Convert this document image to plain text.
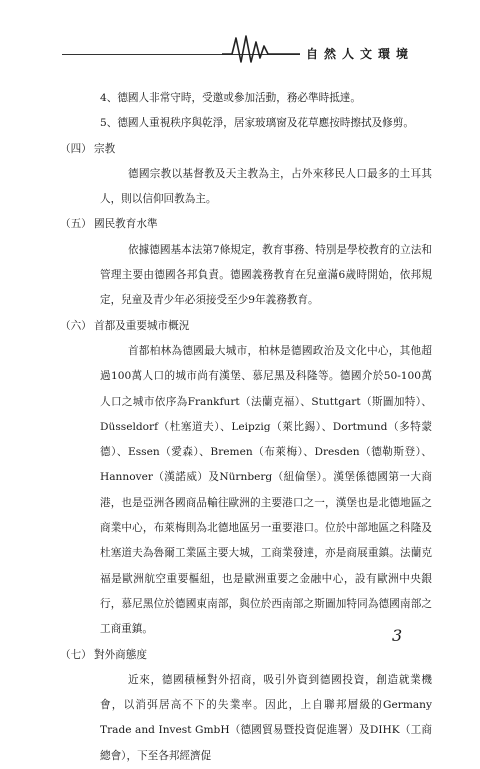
自然人文環境

4、德國人非常守時，受邀或參加活動，務必準時抵達。

5、德國人重視秩序與乾淨，居家玻璃窗及花草應按時擦拭及修剪。

（四） 宗教

德國宗教以基督教及天主教為主，占外來移民人口最多的土耳其人，則以信仰回教為主。

（五） 國民教育水準

依據德國基本法第7條規定，教育事務、特別是學校教育的立法和管理主要由德國各邦負責。德國義務教育在兒童滿6歲時開始，依邦規定，兒童及青少年必須接受至少9年義務教育。

（六） 首都及重要城市概況

首都柏林為德國最大城市，柏林是德國政治及文化中心，其他超過100萬人口的城市尚有漢堡、慕尼黑及科隆等。德國介於50-100萬人口之城市依序為Frankfurt（法蘭克福）、Stuttgart（斯圖加特）、Düsseldorf（杜塞道夫）、Leipzig（萊比錫）、Dortmund（多特蒙德）、Essen（愛森）、Bremen（布萊梅）、Dresden（德勒斯登）、Hannover（漢諾威）及Nürnberg（紐倫堡）。漢堡係德國第一大商港，也是亞洲各國商品輸往歐洲的主要港口之一，漢堡也是北德地區之商業中心，布萊梅則為北德地區另一重要港口。位於中部地區之科隆及杜塞道夫為魯爾工業區主要大城，工商業發達，亦是商展重鎮。法蘭克福是歐洲航空重要樞紐，也是歐洲重要之金融中心，設有歐洲中央銀行，慕尼黑位於德國東南部，與位於西南部之斯圖加特同為德國南部之工商重鎮。

（七） 對外商態度

近來，德國積極對外招商，吸引外資到德國投資，創造就業機會，以消弭居高不下的失業率。因此，上自聯邦層級的Germany Trade and Invest GmbH（德國貿易暨投資促進署）及DIHK（工商總會），下至各邦經濟促

3
